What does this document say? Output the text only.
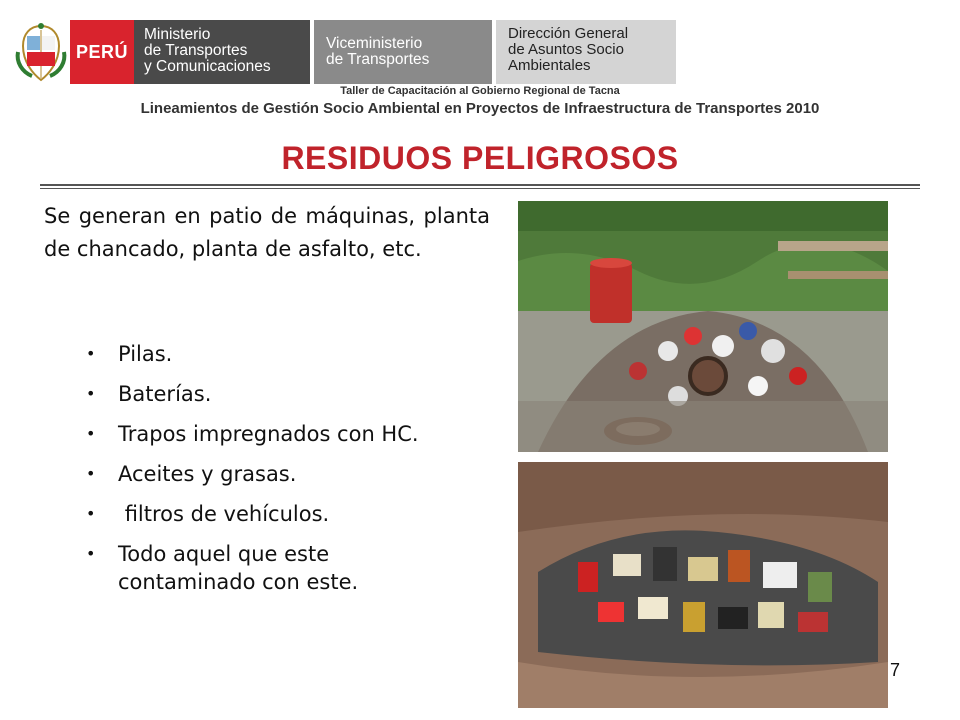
PERÚ
Ministerio
de Transportes
y Comunicaciones
Viceministerio
de Transportes
Dirección General
de Asuntos Socio
Ambientales
Taller de Capacitación al Gobierno Regional de Tacna
Lineamientos de Gestión Socio Ambiental en Proyectos de Infraestructura de Transportes 2010
RESIDUOS PELIGROSOS
Se generan en patio de máquinas, planta de chancado, planta de asfalto, etc.
• Pilas.
• Baterías.
• Trapos impregnados con HC.
• Aceites y grasas.
• filtros de vehículos.
• Todo aquel que este contaminado con este.
7
